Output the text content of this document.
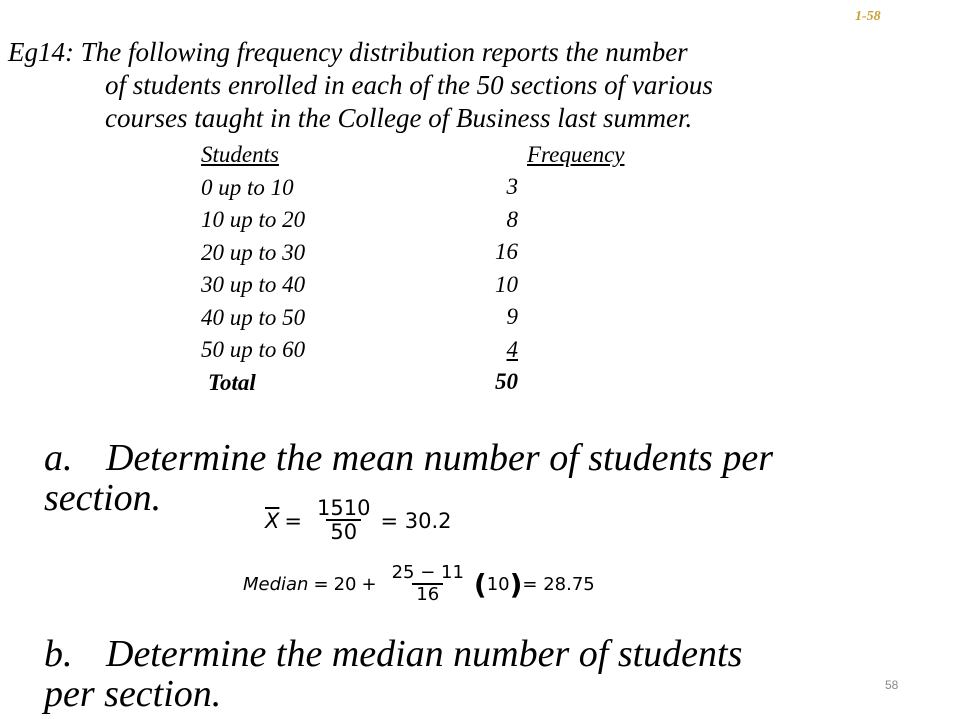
1-58
Eg14: The following frequency distribution reports the number
of students enrolled in each of the 50 sections of various
courses taught in the College of Business last summer.
Students
0 up to 10
10 up to 20
20 up to 30
30 up to 40
40 up to 50
50 up to 60
Total
Frequency
3
8
16
10
9
4
50
a. Determine the mean number of students per
section.
$\overline{X} = \frac{1510}{50} = 30.2$
Median = $20 + \frac{25 - 11}{16}$ ( 10 ) = 28.75
b. Determine the median number of students
per section.	58
